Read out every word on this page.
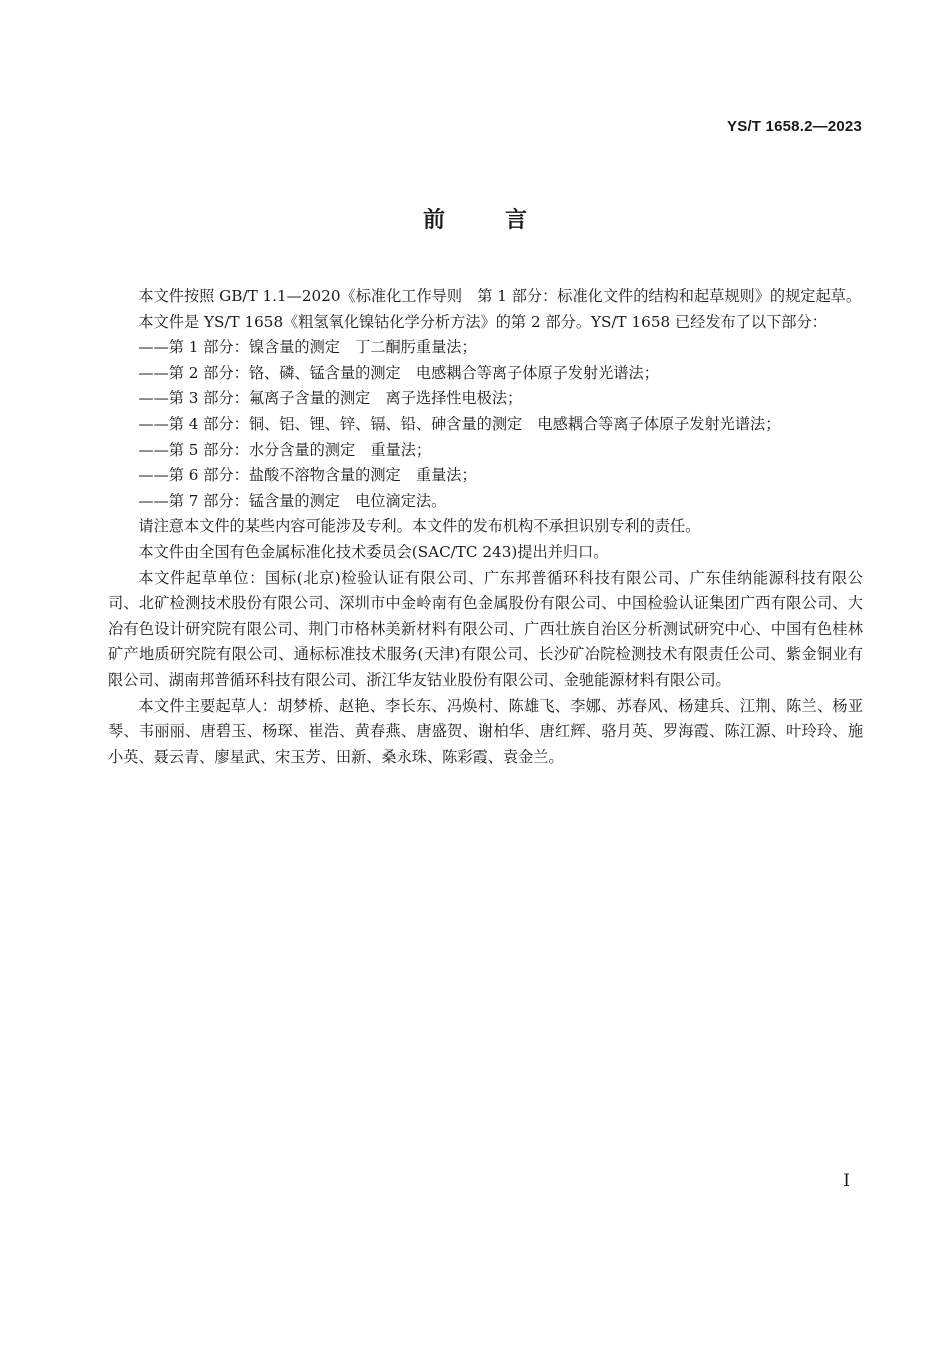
YS/T 1658.2—2023
前言

本文件按照 GB/T 1.1—2020《标准化工作导则　第 1 部分：标准化文件的结构和起草规则》的规定起草。

本文件是 YS/T 1658《粗氢氧化镍钴化学分析方法》的第 2 部分。YS/T 1658 已经发布了以下部分：

——第 1 部分：镍含量的测定　丁二酮肟重量法；

——第 2 部分：铬、磷、锰含量的测定　电感耦合等离子体原子发射光谱法；

——第 3 部分：氟离子含量的测定　离子选择性电极法；

——第 4 部分：铜、铝、锂、锌、镉、铅、砷含量的测定　电感耦合等离子体原子发射光谱法；

——第 5 部分：水分含量的测定　重量法；

——第 6 部分：盐酸不溶物含量的测定　重量法；

——第 7 部分：锰含量的测定　电位滴定法。

请注意本文件的某些内容可能涉及专利。本文件的发布机构不承担识别专利的责任。

本文件由全国有色金属标准化技术委员会(SAC/TC 243)提出并归口。

本文件起草单位：国标(北京)检验认证有限公司、广东邦普循环科技有限公司、广东佳纳能源科技有限公司、北矿检测技术股份有限公司、深圳市中金岭南有色金属股份有限公司、中国检验认证集团广西有限公司、大冶有色设计研究院有限公司、荆门市格林美新材料有限公司、广西壮族自治区分析测试研究中心、中国有色桂林矿产地质研究院有限公司、通标标准技术服务(天津)有限公司、长沙矿冶院检测技术有限责任公司、紫金铜业有限公司、湖南邦普循环科技有限公司、浙江华友钴业股份有限公司、金驰能源材料有限公司。

本文件主要起草人：胡梦桥、赵艳、李长东、冯焕村、陈雄飞、李娜、苏春风、杨建兵、江荆、陈兰、杨亚琴、韦丽丽、唐碧玉、杨琛、崔浩、黄春燕、唐盛贺、谢柏华、唐红辉、骆月英、罗海霞、陈江源、叶玲玲、施小英、聂云青、廖星武、宋玉芳、田新、桑永珠、陈彩霞、袁金兰。

I
